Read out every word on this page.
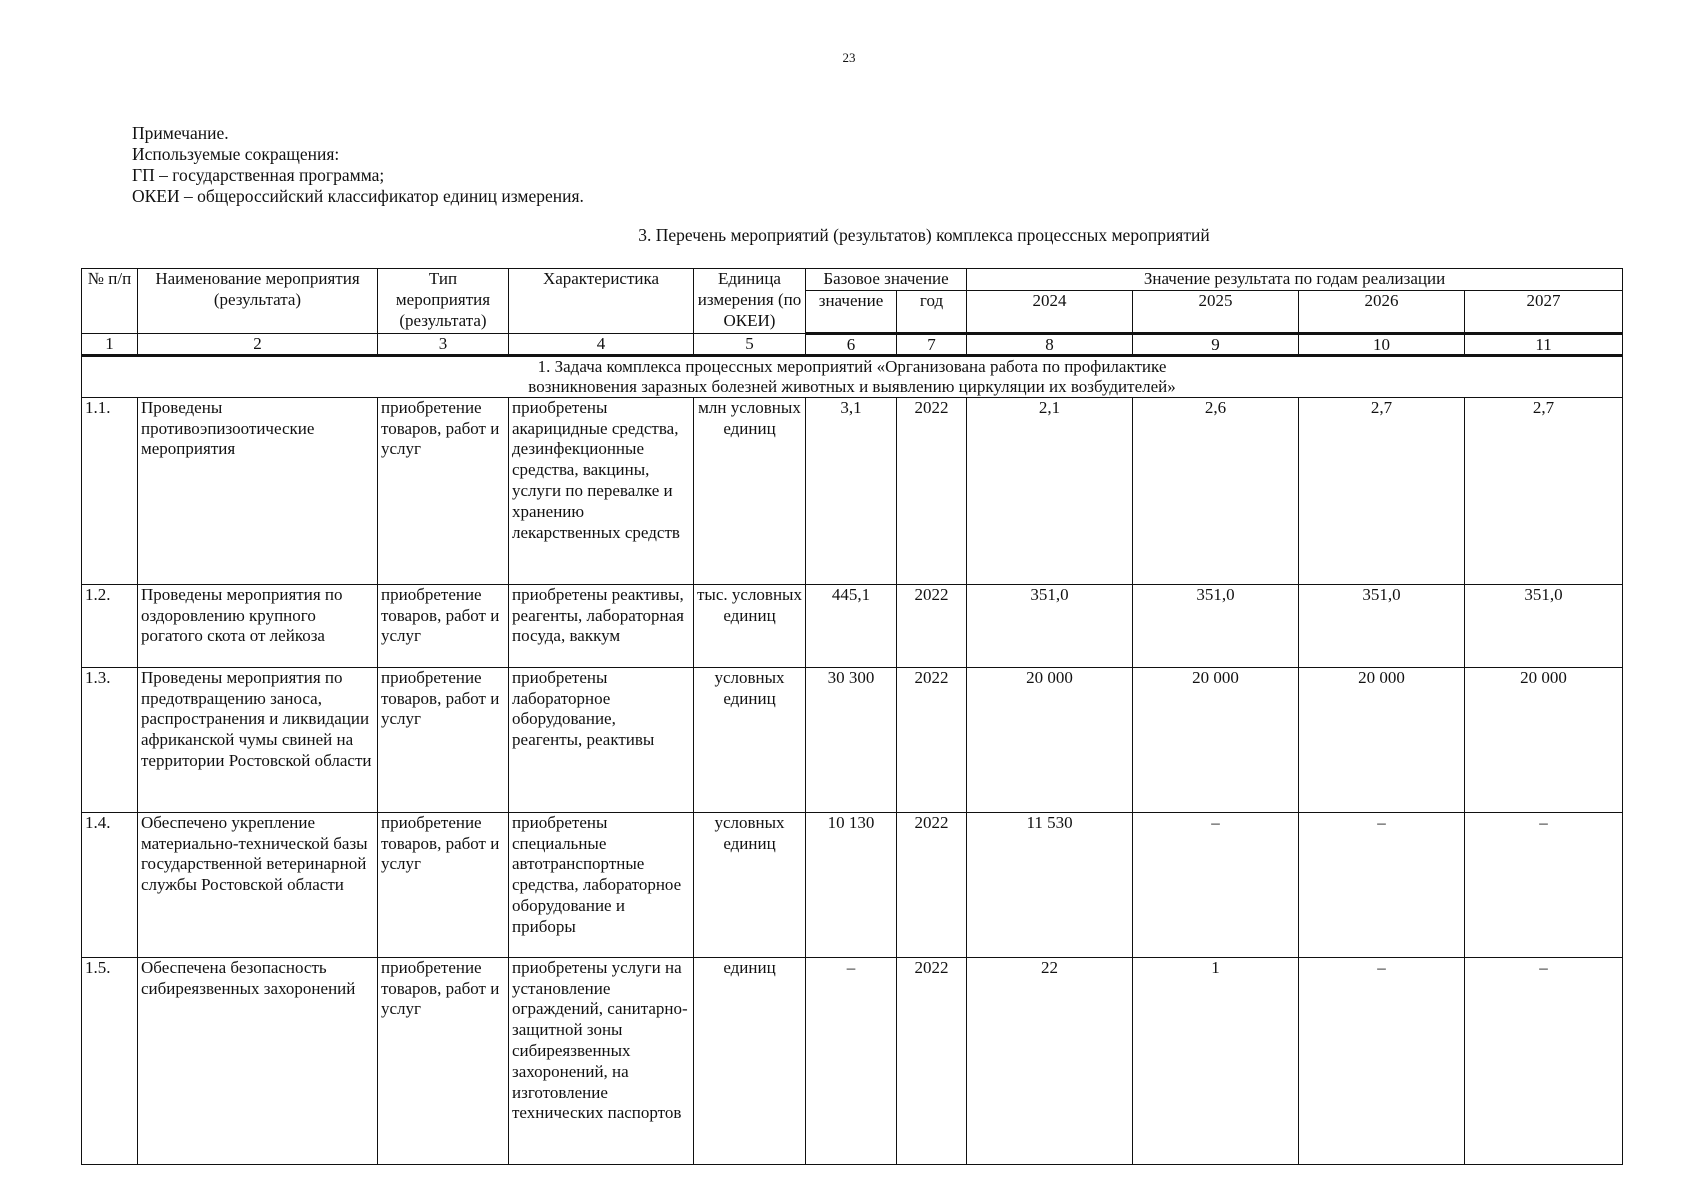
23
Примечание.
Используемые сокращения:
ГП – государственная программа;
ОКЕИ – общероссийский классификатор единиц измерения.
3. Перечень мероприятий (результатов) комплекса процессных мероприятий
№ п/п	Наименование мероприятия (результата)	Тип мероприятия (результата)	Характеристика	Единица измерения (по ОКЕИ)	Базовое значение		Значение результата по годам реализации			
					значение	год	2024	2025	2026	2027
1	2	3	4	5	6	7	8	9	10	11

1. Задача комплекса процессных мероприятий «Организована работа по профилактике
возникновения заразных болезней животных и выявлению циркуляции их возбудителей»										

1.1.	Проведены противоэпизоотические мероприятия	приобретение товаров, работ и услуг	приобретены акарицидные средства, дезинфекционные средства, вакцины, услуги по перевалке и хранению лекарственных средств	млн условных единиц	3,1	2022	2,1	2,6	2,7	2,7
1.2.	Проведены мероприятия по оздоровлению крупного рогатого скота от лейкоза	приобретение товаров, работ и услуг	приобретены реактивы, реагенты, лабораторная посуда, ваккум	тыс. условных единиц	445,1	2022	351,0	351,0	351,0	351,0
1.3.	Проведены мероприятия по предотвращению заноса, распространения и ликвидации африканской чумы свиней на территории Ростовской области	приобретение товаров, работ и услуг	приобретены лабораторное оборудование, реагенты, реактивы	условных единиц	30 300	2022	20 000	20 000	20 000	20 000
1.4.	Обеспечено укрепление материально-технической базы государственной ветеринарной службы Ростовской области	приобретение товаров, работ и услуг	приобретены специальные автотранспортные средства, лабораторное оборудование и приборы	условных единиц	10 130	2022	11 530	–	–	–
1.5.	Обеспечена безопасность сибиреязвенных захоронений	приобретение товаров, работ и услуг	приобретены услуги на установление ограждений, санитарно-защитной зоны сибиреязвенных захоронений, на изготовление технических паспортов	единиц	–	2022	22	1	–	–
